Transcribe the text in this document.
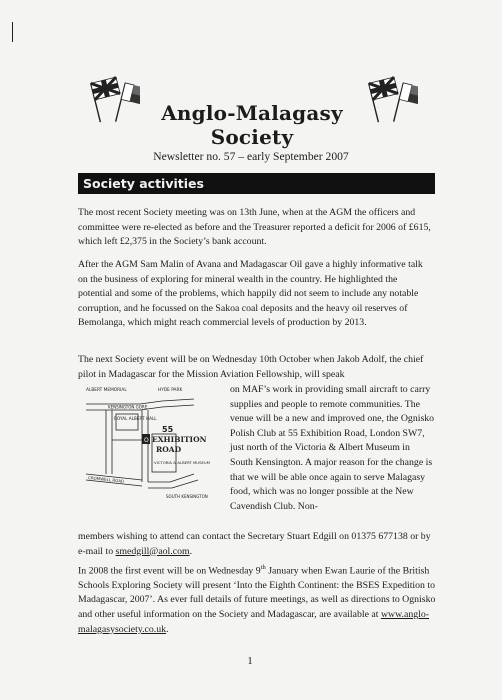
Anglo-Malagasy Society
Newsletter no. 57 – early September 2007
Society activities

The most recent Society meeting was on 13th June, when at the AGM the officers and committee were re-elected as before and the Treasurer reported a deficit for 2006 of £615, which left £2,375 in the Society’s bank account.

After the AGM Sam Malin of Avana and Madagascar Oil gave a highly informative talk on the business of exploring for mineral wealth in the country. He highlighted the potential and some of the problems, which happily did not seem to include any notable corruption, and he focussed on the Sakoa coal deposits and the heavy oil reserves of Bemolanga, which might reach commercial levels of production by 2013.

The next Society event will be on Wednesday 10th October when Jakob Adolf, the chief pilot in Madagascar for the Mission Aviation Fellowship, will speak

on MAF’s work in providing small aircraft to carry supplies and people to remote communities. The venue will be a new and improved one, the Ognisko Polish Club at 55 Exhibition Road, London SW7, just north of the Victoria & Albert Museum in South Kensington. A major reason for the change is that we will be able once again to serve Malagasy food, which was no longer possible at the New Cavendish Club. Non-

members wishing to attend can contact the Secretary Stuart Edgill on 01375 677138 or by e-mail to smedgill@aol.com.

In 2008 the first event will be on Wednesday 9th January when Ewan Laurie of the British Schools Exploring Society will present ‘Into the Eighth Continent: the BSES Expedition to Madagascar, 2007’. As ever full details of future meetings, as well as directions to Ognisko and other useful information on the Society and Madagascar, are available at www.anglo-malagasysociety.co.uk.

O
ALBERT MEMORIAL	HYDE PARK
KENSINGTON GORE
ROYAL ALBERT HALL
55
EXHIBITION
ROAD
VICTORIA & ALBERT MUSEUM
CROMWELL ROAD
SOUTH KENSINGTON
1
